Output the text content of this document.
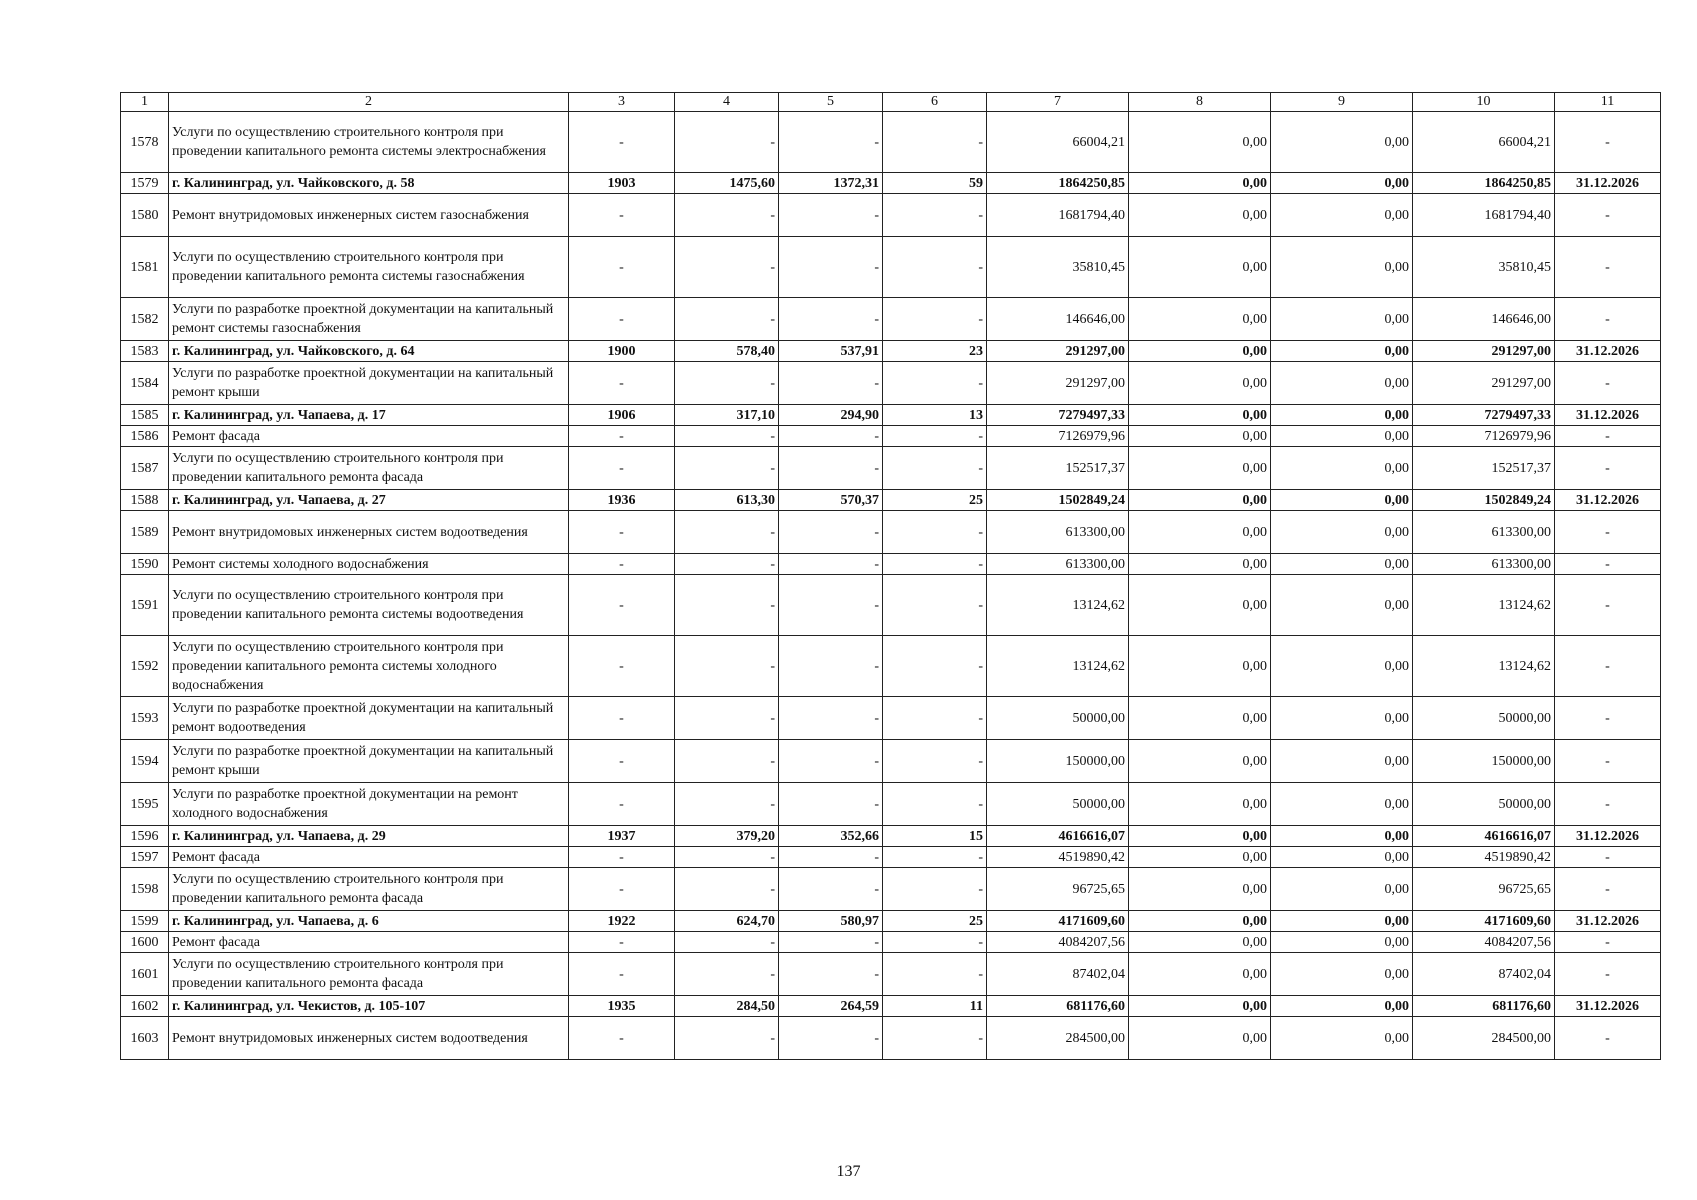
1	2	3	4	5	6	7	8	9	10	11
1578	Услуги по осуществлению строительного контроля при проведении капитального ремонта системы электроснабжения	-	-	-	-	66004,21	0,00	0,00	66004,21	-
1579	г. Калининград, ул. Чайковского, д. 58	1903	1475,60	1372,31	59	1864250,85	0,00	0,00	1864250,85	31.12.2026
1580	Ремонт внутридомовых инженерных систем газоснабжения	-	-	-	-	1681794,40	0,00	0,00	1681794,40	-
1581	Услуги по осуществлению строительного контроля при проведении капитального ремонта системы газоснабжения	-	-	-	-	35810,45	0,00	0,00	35810,45	-
1582	Услуги по разработке проектной документации на капитальный ремонт системы газоснабжения	-	-	-	-	146646,00	0,00	0,00	146646,00	-
1583	г. Калининград, ул. Чайковского, д. 64	1900	578,40	537,91	23	291297,00	0,00	0,00	291297,00	31.12.2026
1584	Услуги по разработке проектной документации на капитальный ремонт крыши	-	-	-	-	291297,00	0,00	0,00	291297,00	-
1585	г. Калининград, ул. Чапаева, д. 17	1906	317,10	294,90	13	7279497,33	0,00	0,00	7279497,33	31.12.2026
1586	Ремонт фасада	-	-	-	-	7126979,96	0,00	0,00	7126979,96	-
1587	Услуги по осуществлению строительного контроля при проведении капитального ремонта фасада	-	-	-	-	152517,37	0,00	0,00	152517,37	-
1588	г. Калининград, ул. Чапаева, д. 27	1936	613,30	570,37	25	1502849,24	0,00	0,00	1502849,24	31.12.2026
1589	Ремонт внутридомовых инженерных систем водоотведения	-	-	-	-	613300,00	0,00	0,00	613300,00	-
1590	Ремонт системы холодного водоснабжения	-	-	-	-	613300,00	0,00	0,00	613300,00	-
1591	Услуги по осуществлению строительного контроля при проведении капитального ремонта системы водоотведения	-	-	-	-	13124,62	0,00	0,00	13124,62	-
1592	Услуги по осуществлению строительного контроля при проведении капитального ремонта системы холодного водоснабжения	-	-	-	-	13124,62	0,00	0,00	13124,62	-
1593	Услуги по разработке проектной документации на капитальный ремонт водоотведения	-	-	-	-	50000,00	0,00	0,00	50000,00	-
1594	Услуги по разработке проектной документации на капитальный ремонт крыши	-	-	-	-	150000,00	0,00	0,00	150000,00	-
1595	Услуги по разработке проектной документации на ремонт холодного водоснабжения	-	-	-	-	50000,00	0,00	0,00	50000,00	-
1596	г. Калининград, ул. Чапаева, д. 29	1937	379,20	352,66	15	4616616,07	0,00	0,00	4616616,07	31.12.2026
1597	Ремонт фасада	-	-	-	-	4519890,42	0,00	0,00	4519890,42	-
1598	Услуги по осуществлению строительного контроля при проведении капитального ремонта фасада	-	-	-	-	96725,65	0,00	0,00	96725,65	-
1599	г. Калининград, ул. Чапаева, д. 6	1922	624,70	580,97	25	4171609,60	0,00	0,00	4171609,60	31.12.2026
1600	Ремонт фасада	-	-	-	-	4084207,56	0,00	0,00	4084207,56	-
1601	Услуги по осуществлению строительного контроля при проведении капитального ремонта фасада	-	-	-	-	87402,04	0,00	0,00	87402,04	-
1602	г. Калининград, ул. Чекистов, д. 105-107	1935	284,50	264,59	11	681176,60	0,00	0,00	681176,60	31.12.2026
1603	Ремонт внутридомовых инженерных систем водоотведения	-	-	-	-	284500,00	0,00	0,00	284500,00	-
137
